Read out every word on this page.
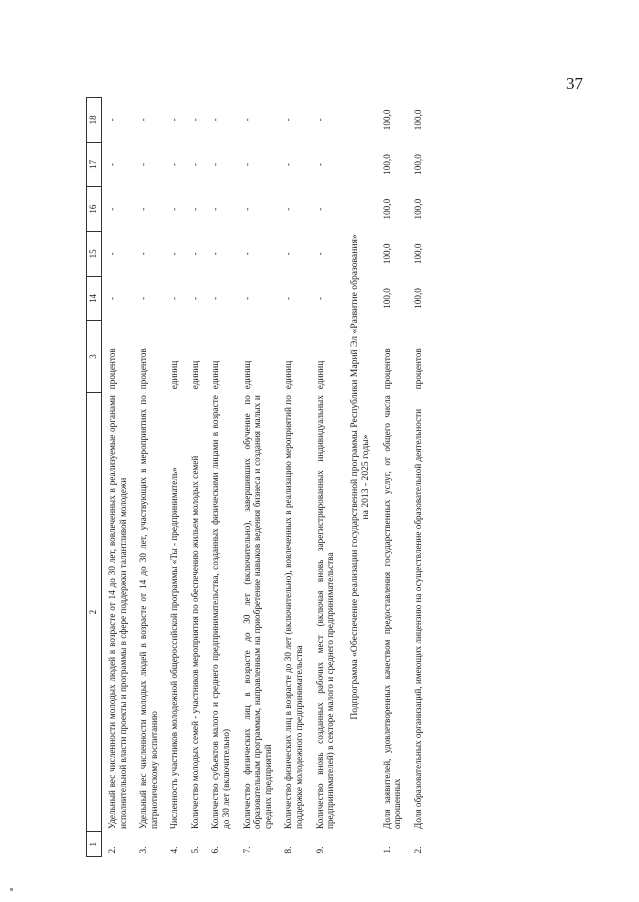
37
1	2	3	14	15	16	17	18
2.	Удельный вес численности молодых людей в возрасте от 14 до 30 лет, вовлеченных в реализуемые органами исполнительной власти проекты и программы в сфере поддержки талантливой молодежи	процентов	-	-	-	-	-
3.	Удельный вес численности молодых людей в возрасте от 14 до 30 лет, участвующих в мероприятиях по патриотическому воспитанию	процентов	-	-	-	-	-
4.	Численность участников молодежной общероссийской программы «Ты - предприниматель»	единиц	-	-	-	-	-
5.	Количество молодых семей - участников мероприятия по обеспечению жильем молодых семей	единиц	-	-	-	-	-
6.	Количество субъектов малого и среднего предпринимательства, созданных физическими лицами в возрасте до 30 лет (включительно)	единиц	-	-	-	-	-
7.	Количество физических лиц в возрасте до 30 лет (включительно), завершивших обучение по образовательным программам, направленным на приобретение навыков ведения бизнеса и создания малых и средних предприятий	единиц	-	-	-	-	-
8.	Количество физических лиц в возрасте до 30 лет (включительно), вовлеченных в реализацию мероприятий по поддержке молодежного предпринимательства	единиц	-	-	-	-	-
9.	Количество вновь созданных рабочих мест (включая вновь зарегистрированных индивидуальных предпринимателей) в секторе малого и среднего предпринимательства	единиц	-	-	-	-	-

Подпрограмма «Обеспечение реализации государственной программы Республики Марий Эл «Развитие образования» на 2013 - 2025 годы»							

1.	Доля заявителей, удовлетворенных качеством предоставления государственных услуг, от общего числа опрошенных	процентов	100,0	100,0	100,0	100,0	100,0
2.	Доля образовательных организаций, имеющих лицензию на осуществление образовательной деятельности	процентов	100,0	100,0	100,0	100,0	100,0
